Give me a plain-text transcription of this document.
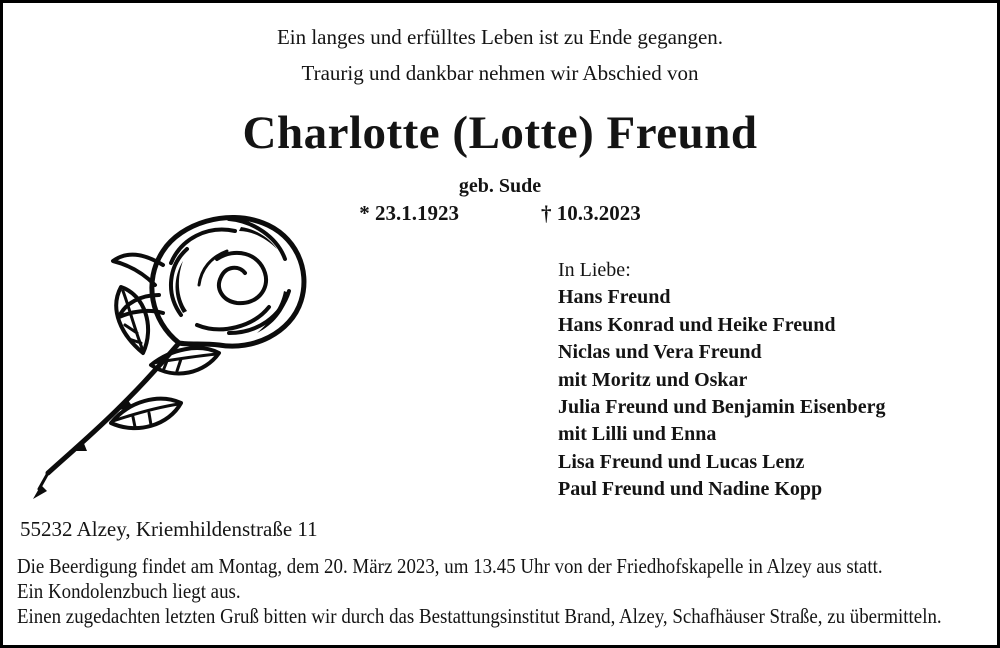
Ein langes und erfülltes Leben ist zu Ende gegangen.
Traurig und dankbar nehmen wir Abschied von
Charlotte (Lotte) Freund
geb. Sude
* 23.1.1923	† 10.3.2023
In Liebe:
Hans Freund
Hans Konrad und Heike Freund
Niclas und Vera Freund
mit Moritz und Oskar
Julia Freund und Benjamin Eisenberg
mit Lilli und Enna
Lisa Freund und Lucas Lenz
Paul Freund und Nadine Kopp
55232 Alzey, Kriemhildenstraße 11
Die Beerdigung findet am Montag, dem 20. März 2023, um 13.45 Uhr von der Friedhofskapelle in Alzey aus statt.
Ein Kondolenzbuch liegt aus.
Einen zugedachten letzten Gruß bitten wir durch das Bestattungsinstitut Brand, Alzey, Schafhäuser Straße, zu übermitteln.
